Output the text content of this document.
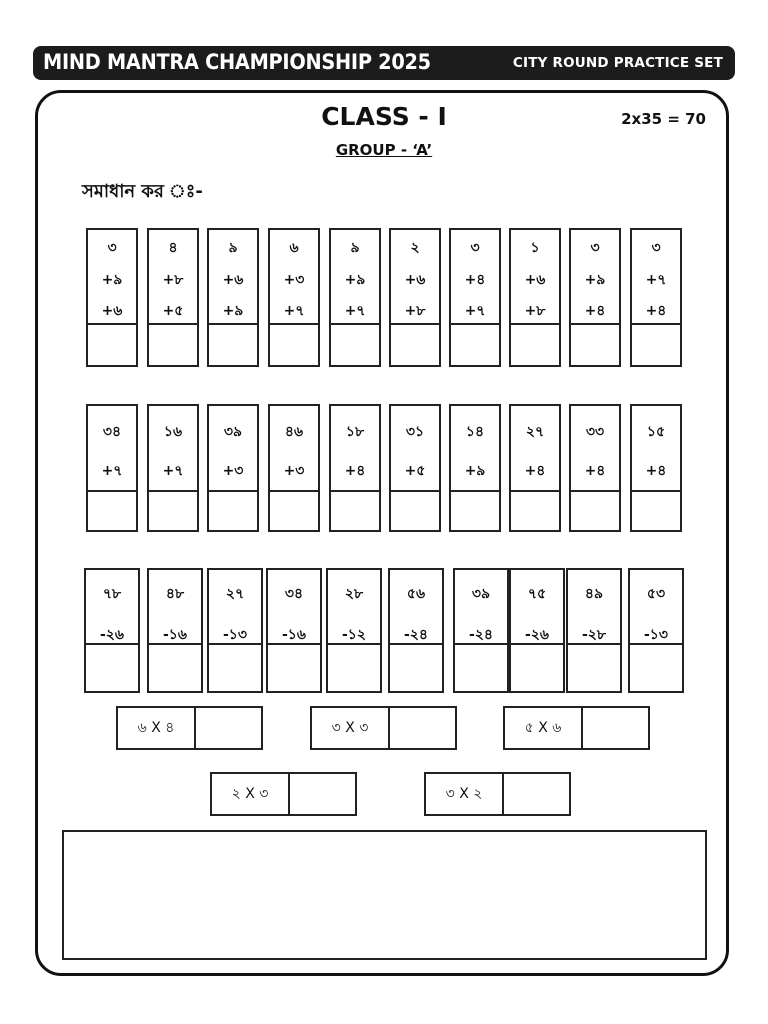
MIND MANTRA CHAMPIONSHIP 2025	CITY ROUND PRACTICE SET
CLASS - I	2x35 = 70
GROUP - ‘A’
সমাধান কর ঃ-
৩
+৯
+৬
৪
+৮
+৫
৯
+৬
+৯
৬
+৩
+৭
৯
+৯
+৭
২
+৬
+৮
৩
+৪
+৭
১
+৬
+৮
৩
+৯
+৪
৩
+৭
+৪
৩৪
+৭
১৬
+৭
৩৯
+৩
৪৬
+৩
১৮
+৪
৩১
+৫
১৪
+৯
২৭
+৪
৩৩
+৪
১৫
+৪
৭৮
-২৬
৪৮
-১৬
২৭
-১৩
৩৪
-১৬
২৮
-১২
৫৬
-২৪
৩৯
-২৪
৭৫
-২৬
৪৯
-২৮
৫৩
-১৩
৬ X ৪	৩ X ৩	৫ X ৬
২ X ৩	৩ X ২
